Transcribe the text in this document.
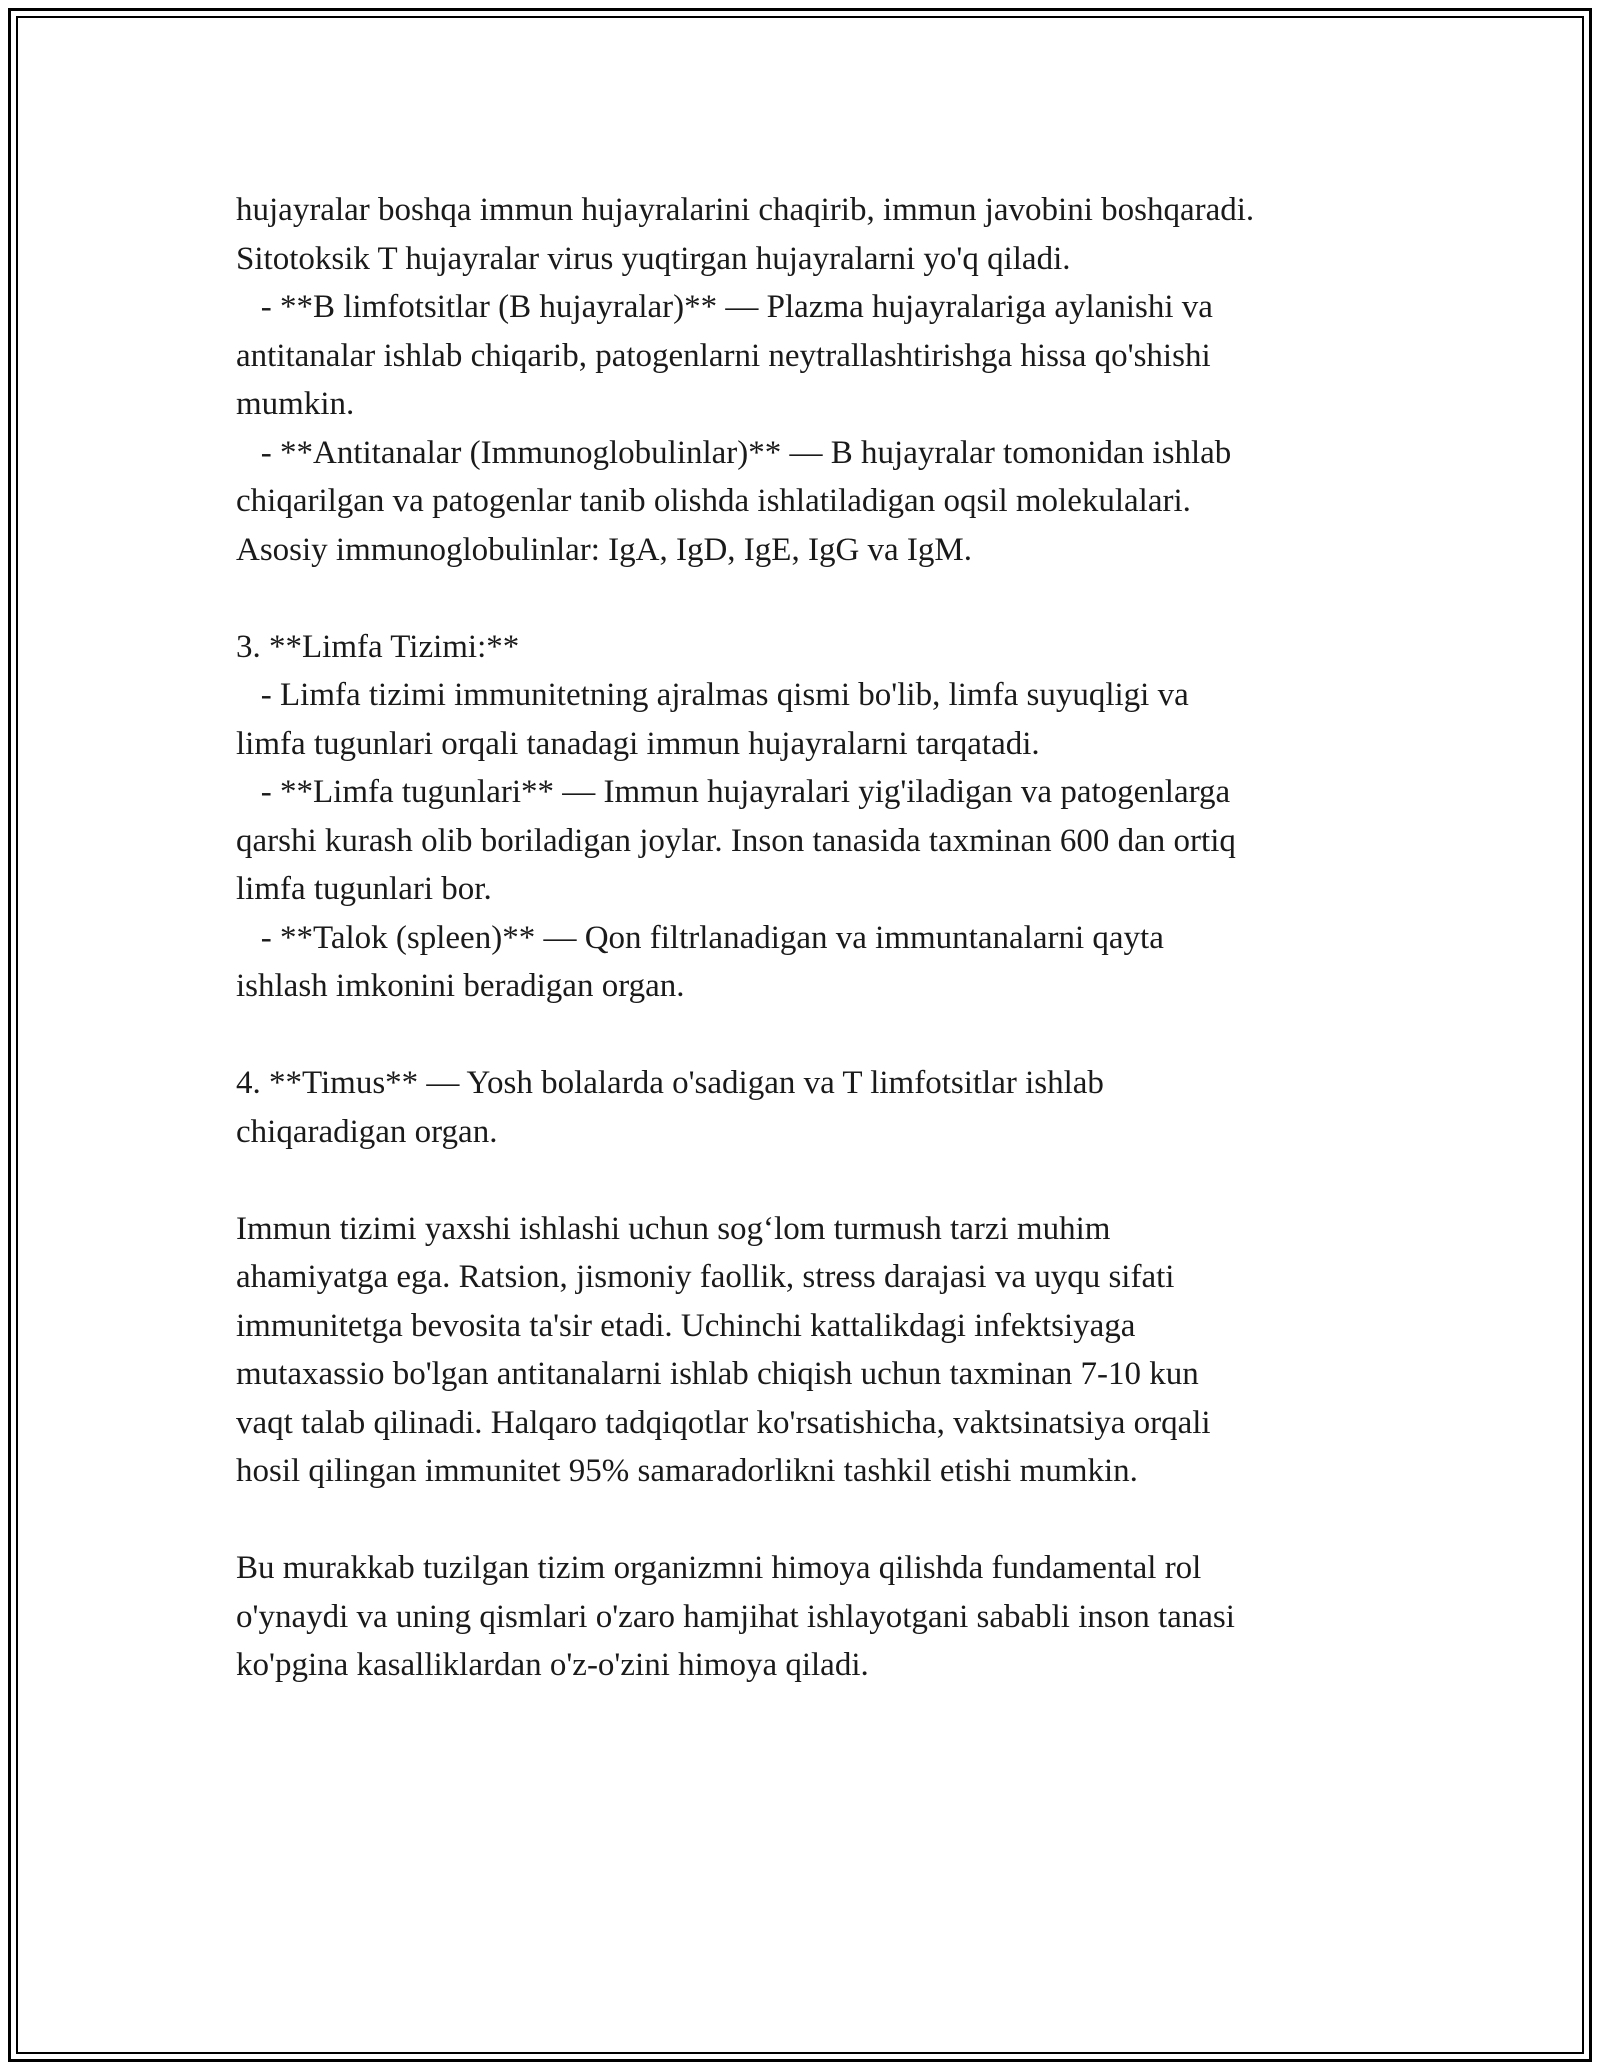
hujayralar boshqa immun hujayralarini chaqirib, immun javobini boshqaradi.

Sitotoksik T hujayralar virus yuqtirgan hujayralarni yo'q qiladi.

- **B limfotsitlar (B hujayralar)** — Plazma hujayralariga aylanishi va

antitanalar ishlab chiqarib, patogenlarni neytrallashtirishga hissa qo'shishi

mumkin.

- **Antitanalar (Immunoglobulinlar)** — B hujayralar tomonidan ishlab

chiqarilgan va patogenlar tanib olishda ishlatiladigan oqsil molekulalari.

Asosiy immunoglobulinlar: IgA, IgD, IgE, IgG va IgM.

3. **Limfa Tizimi:**

- Limfa tizimi immunitetning ajralmas qismi bo'lib, limfa suyuqligi va

limfa tugunlari orqali tanadagi immun hujayralarni tarqatadi.

- **Limfa tugunlari** — Immun hujayralari yig'iladigan va patogenlarga

qarshi kurash olib boriladigan joylar. Inson tanasida taxminan 600 dan ortiq

limfa tugunlari bor.

- **Talok (spleen)** — Qon filtrlanadigan va immuntanalarni qayta

ishlash imkonini beradigan organ.

4. **Timus** — Yosh bolalarda o'sadigan va T limfotsitlar ishlab

chiqaradigan organ.

Immun tizimi yaxshi ishlashi uchun sog‘lom turmush tarzi muhim

ahamiyatga ega. Ratsion, jismoniy faollik, stress darajasi va uyqu sifati

immunitetga bevosita ta'sir etadi. Uchinchi kattalikdagi infektsiyaga

mutaxassio bo'lgan antitanalarni ishlab chiqish uchun taxminan 7-10 kun

vaqt talab qilinadi. Halqaro tadqiqotlar ko'rsatishicha, vaktsinatsiya orqali

hosil qilingan immunitet 95% samaradorlikni tashkil etishi mumkin.

Bu murakkab tuzilgan tizim organizmni himoya qilishda fundamental rol

o'ynaydi va uning qismlari o'zaro hamjihat ishlayotgani sababli inson tanasi

ko'pgina kasalliklardan o'z-o'zini himoya qiladi.
